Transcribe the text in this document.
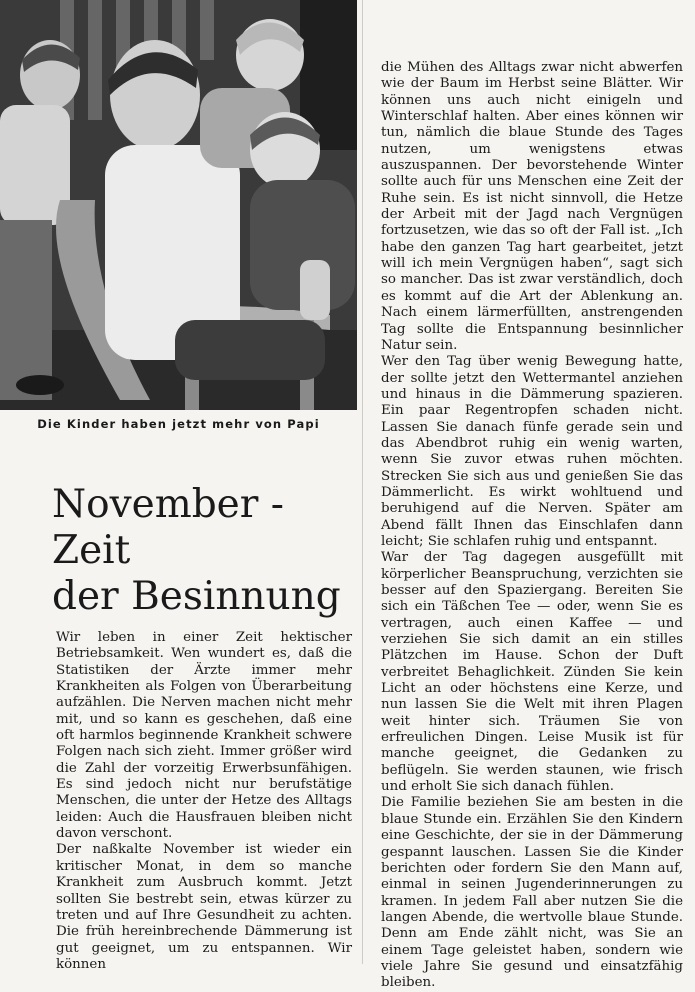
Die Kinder haben jetzt mehr von Papi
November - Zeit
der Besinnung

Wir leben in einer Zeit hektischer Betriebsamkeit. Wen wundert es, daß die Statistiken der Ärzte immer mehr Krankheiten als Folgen von Überarbeitung aufzählen. Die Nerven machen nicht mehr mit, und so kann es geschehen, daß eine oft harmlos beginnende Krankheit schwere Folgen nach sich zieht. Immer größer wird die Zahl der vorzeitig Erwerbsunfähigen. Es sind jedoch nicht nur berufstätige Menschen, die unter der Hetze des Alltags leiden: Auch die Hausfrauen bleiben nicht davon verschont.

Der naßkalte November ist wieder ein kritischer Monat, in dem so manche Krankheit zum Ausbruch kommt. Jetzt sollten Sie bestrebt sein, etwas kürzer zu treten und auf Ihre Gesundheit zu achten. Die früh hereinbrechende Dämmerung ist gut geeignet, um zu entspannen. Wir können

die Mühen des Alltags zwar nicht abwerfen wie der Baum im Herbst seine Blätter. Wir können uns auch nicht einigeln und Winterschlaf halten. Aber eines können wir tun, nämlich die blaue Stunde des Tages nutzen, um wenigstens etwas auszuspannen. Der bevorstehende Winter sollte auch für uns Menschen eine Zeit der Ruhe sein. Es ist nicht sinnvoll, die Hetze der Arbeit mit der Jagd nach Vergnügen fortzusetzen, wie das so oft der Fall ist. „Ich habe den ganzen Tag hart gearbeitet, jetzt will ich mein Vergnügen haben“, sagt sich so mancher. Das ist zwar verständlich, doch es kommt auf die Art der Ablenkung an. Nach einem lärmerfüllten, anstrengenden Tag sollte die Entspannung besinnlicher Natur sein.

Wer den Tag über wenig Bewegung hatte, der sollte jetzt den Wettermantel anziehen und hinaus in die Dämmerung spazieren. Ein paar Regentropfen schaden nicht. Lassen Sie danach fünfe gerade sein und das Abendbrot ruhig ein wenig warten, wenn Sie zuvor etwas ruhen möchten. Strecken Sie sich aus und genießen Sie das Dämmerlicht. Es wirkt wohltuend und beruhigend auf die Nerven. Später am Abend fällt Ihnen das Einschlafen dann leicht; Sie schlafen ruhig und entspannt.

War der Tag dagegen ausgefüllt mit körperlicher Beanspruchung, verzichten sie besser auf den Spaziergang. Bereiten Sie sich ein Täßchen Tee — oder, wenn Sie es vertragen, auch einen Kaffee — und verziehen Sie sich damit an ein stilles Plätzchen im Hause. Schon der Duft verbreitet Behaglichkeit. Zünden Sie kein Licht an oder höchstens eine Kerze, und nun lassen Sie die Welt mit ihren Plagen weit hinter sich. Träumen Sie von erfreulichen Dingen. Leise Musik ist für manche geeignet, die Gedanken zu beflügeln. Sie werden staunen, wie frisch und erholt Sie sich danach fühlen.

Die Familie beziehen Sie am besten in die blaue Stunde ein. Erzählen Sie den Kindern eine Geschichte, der sie in der Dämmerung gespannt lauschen. Lassen Sie die Kinder berichten oder fordern Sie den Mann auf, einmal in seinen Jugenderinnerungen zu kramen. In jedem Fall aber nutzen Sie die langen Abende, die wertvolle blaue Stunde. Denn am Ende zählt nicht, was Sie an einem Tage geleistet haben, sondern wie viele Jahre Sie gesund und einsatzfähig bleiben.
